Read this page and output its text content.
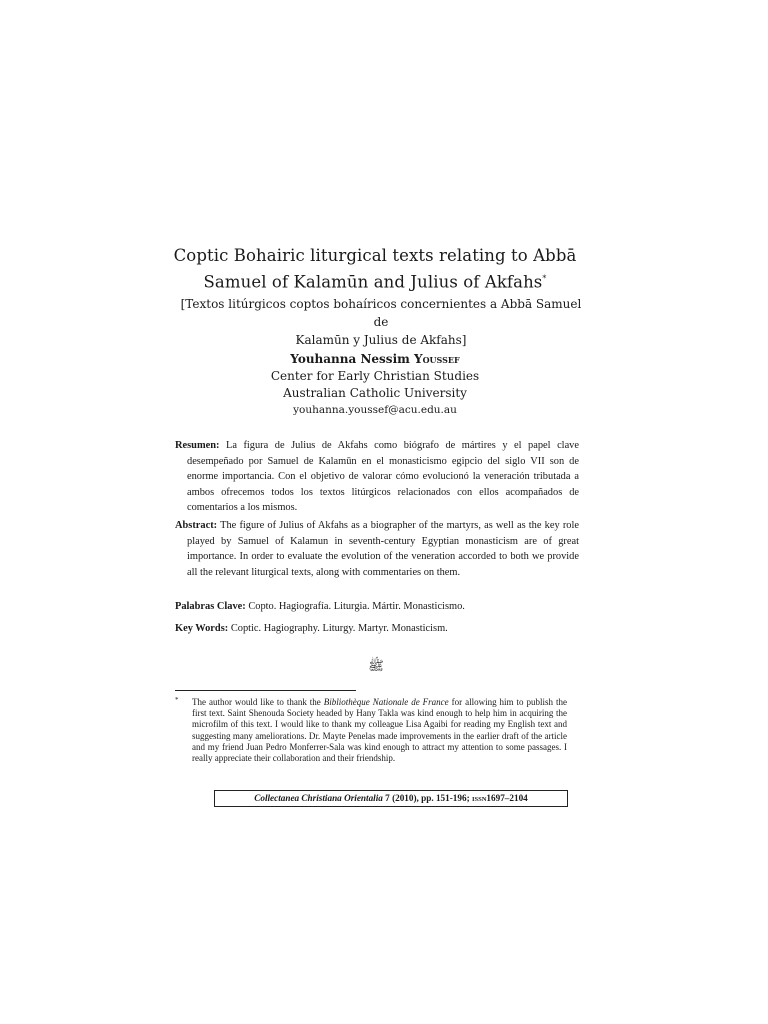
Coptic Bohairic liturgical texts relating to Abbā
Samuel of Kalamūn and Julius of Akfahs*
[Textos litúrgicos coptos bohaíricos concernientes a Abbā Samuel de
Kalamūn y Julius de Akfahs]
Youhanna Nessim Youssef
Center for Early Christian Studies
Australian Catholic University
youhanna.youssef@acu.edu.au
Resumen: La figura de Julius de Akfahs como biógrafo de mártires y el papel clave desempeñado por Samuel de Kalamūn en el monasticismo egipcio del siglo VII son de enorme importancia. Con el objetivo de valorar cómo evolucionó la veneración tributada a ambos ofrecemos todos los textos litúrgicos relacionados con ellos acompañados de comentarios a los mismos.
Abstract: The figure of Julius of Akfahs as a biographer of the martyrs, as well as the key role played by Samuel of Kalamun in seventh-century Egyptian monasticism are of great importance. In order to evaluate the evolution of the veneration accorded to both we provide all the relevant liturgical texts, along with commentaries on them.
Palabras Clave: Copto. Hagiografía. Liturgia. Mártir. Monasticismo.
Key Words: Coptic. Hagiography. Liturgy. Martyr. Monasticism.
ﷺ
*	The author would like to thank the Bibliothèque Nationale de France for allowing him to publish the first text. Saint Shenouda Society headed by Hany Takla was kind enough to help him in acquiring the microfilm of this text. I would like to thank my colleague Lisa Agaibi for reading my English text and suggesting many ameliorations. Dr. Mayte Penelas made improvements in the earlier draft of the article and my friend Juan Pedro Monferrer-Sala was kind enough to attract my attention to some passages. I really appreciate their collaboration and their friendship.
Collectanea Christiana Orientalia 7 (2010), pp. 151-196; ISSN1697–2104
